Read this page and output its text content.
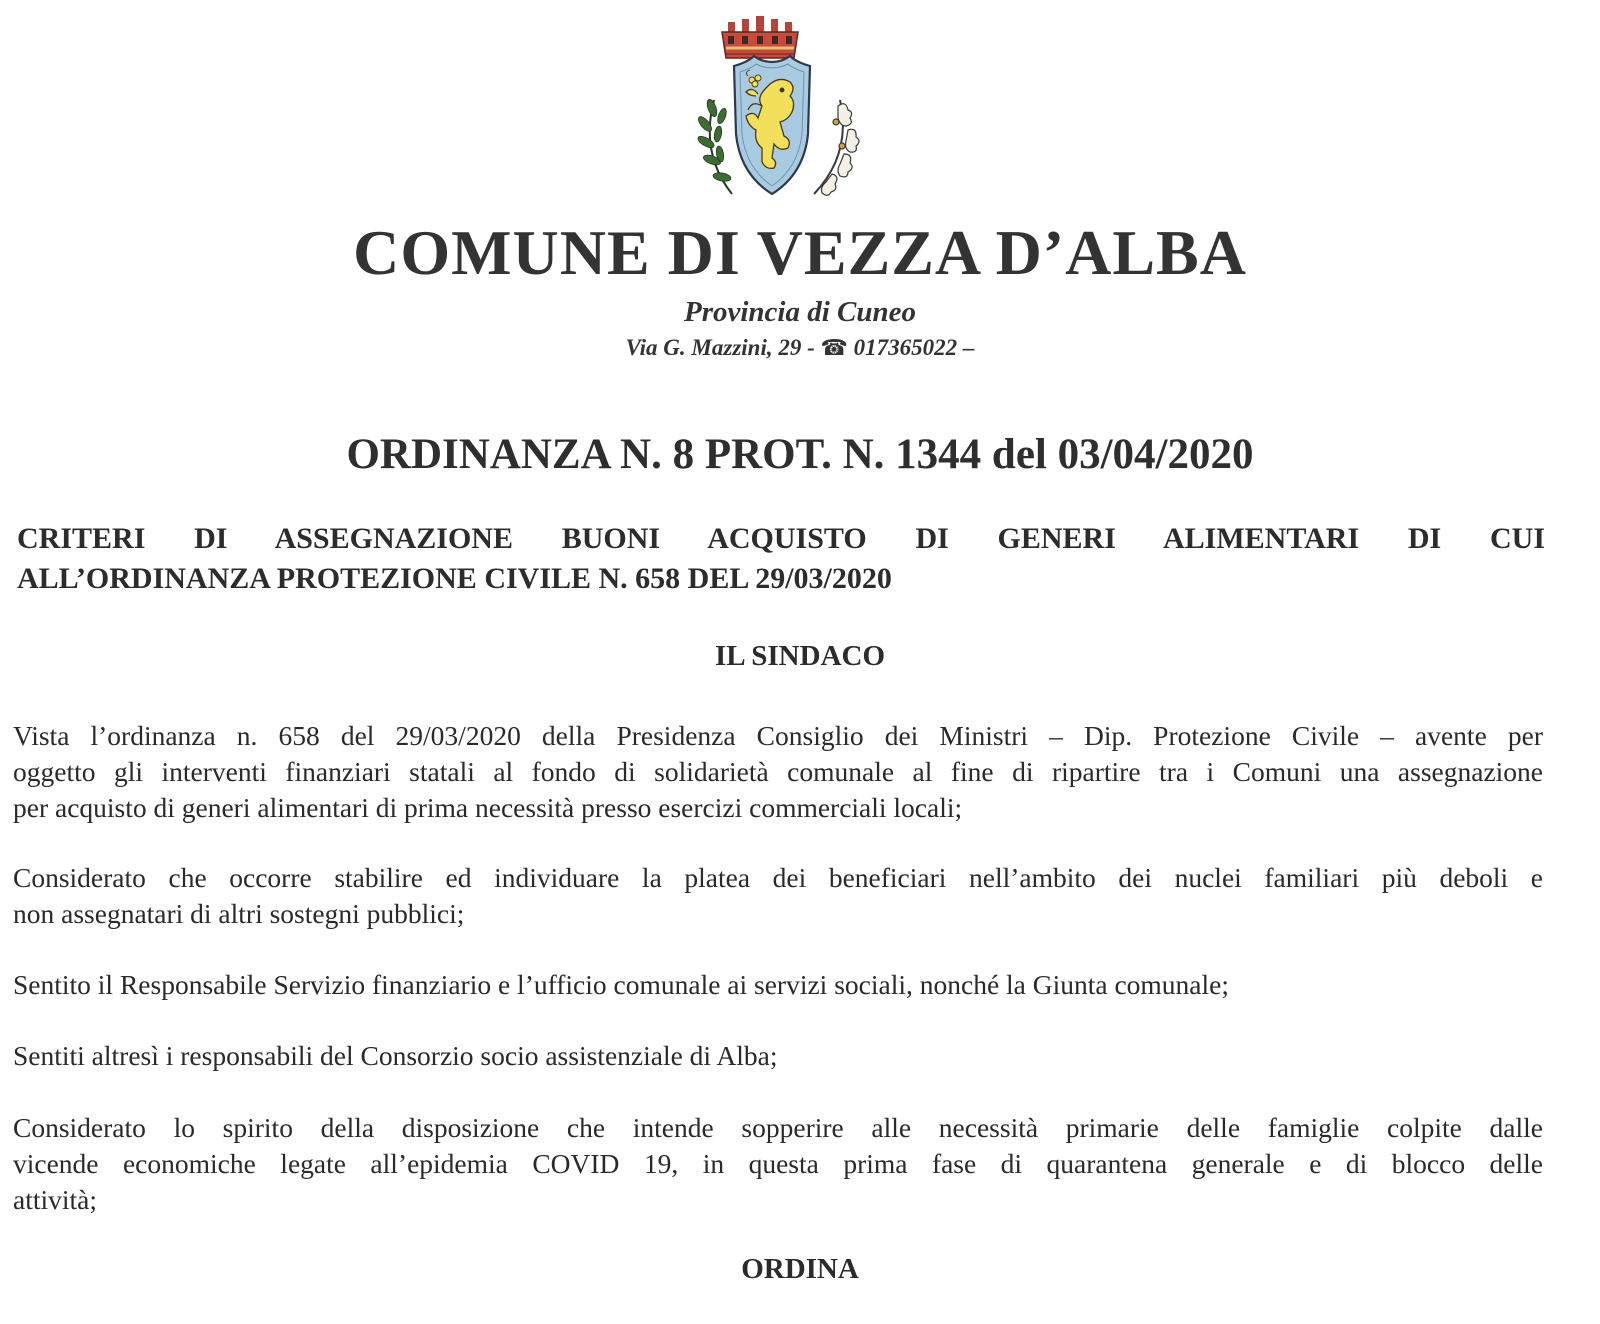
COMUNE DI VEZZA D’ALBA
Provincia di Cuneo
Via G. Mazzini, 29 - ☎ 017365022 –
ORDINANZA N. 8 PROT. N. 1344 del 03/04/2020
CRITERI DI ASSEGNAZIONE BUONI ACQUISTO DI GENERI ALIMENTARI DI CUI
ALL’ORDINANZA PROTEZIONE CIVILE N. 658 DEL 29/03/2020
IL SINDACO
Vista l’ordinanza n. 658 del 29/03/2020 della Presidenza Consiglio dei Ministri – Dip. Protezione Civile – avente per
oggetto gli interventi finanziari statali al fondo di solidarietà comunale al fine di ripartire tra i Comuni una assegnazione
per acquisto di generi alimentari di prima necessità presso esercizi commerciali locali;
Considerato che occorre stabilire ed individuare la platea dei beneficiari nell’ambito dei nuclei familiari più deboli e
non assegnatari di altri sostegni pubblici;
Sentito il Responsabile Servizio finanziario e l’ufficio comunale ai servizi sociali, nonché la Giunta comunale;
Sentiti altresì i responsabili del Consorzio socio assistenziale di Alba;
Considerato lo spirito della disposizione che intende sopperire alle necessità primarie delle famiglie colpite dalle
vicende economiche legate all’epidemia COVID 19, in questa prima fase di quarantena generale e di blocco delle
attività;
ORDINA
